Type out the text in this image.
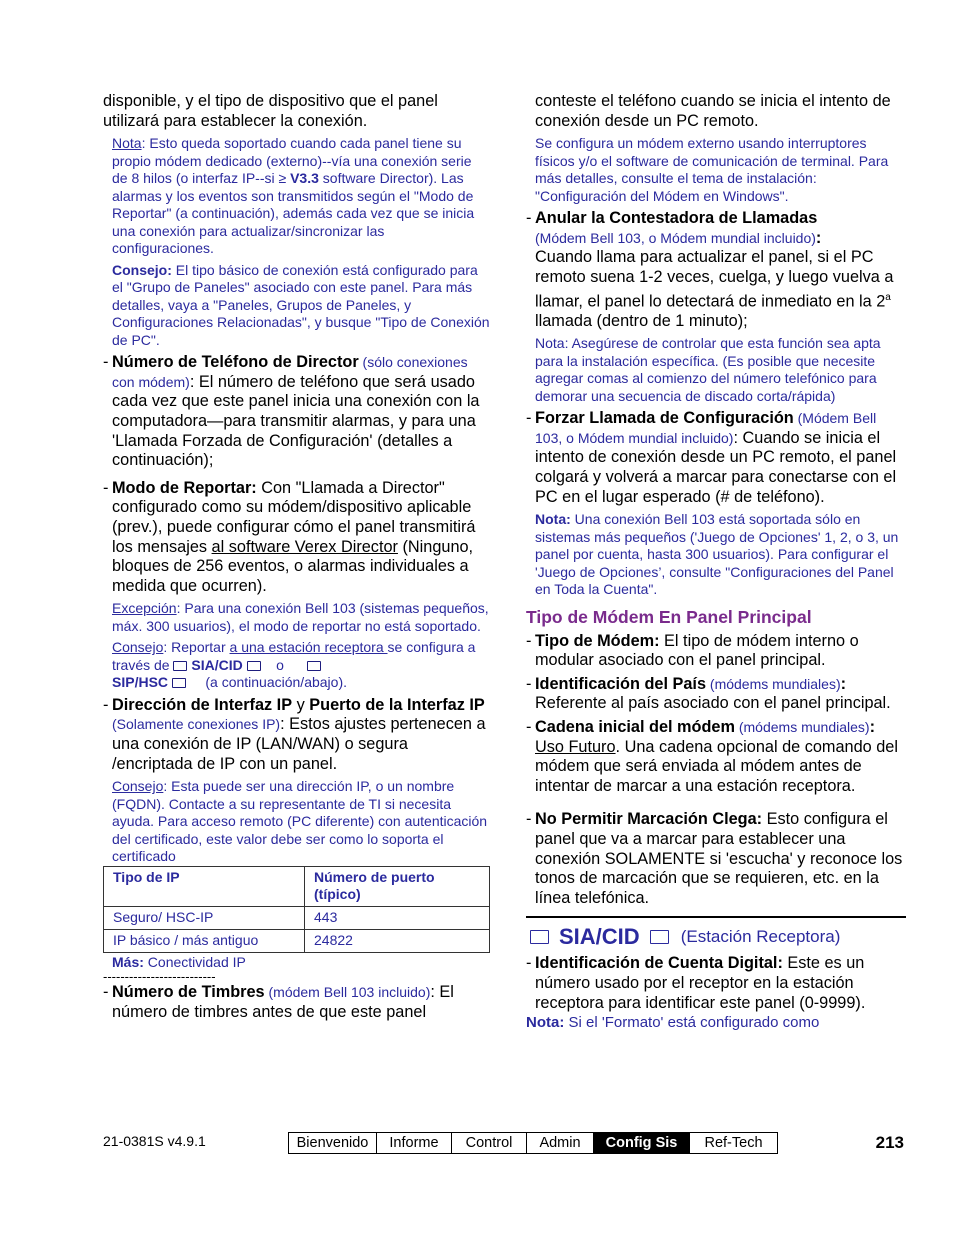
disponible, y el tipo de dispositivo que el panel utilizará para establecer la conexión.

Nota: Esto queda soportado cuando cada panel tiene su propio módem dedicado (externo)--vía una conexión serie de 8 hilos (o interfaz IP--si ≥ V3.3 software Director). Las alarmas y los eventos son transmitidos según el "Modo de Reportar" (a continuación), además cada vez que se inicia una conexión para actualizar/sincronizar las configuraciones.
Consejo: El tipo básico de conexión está configurado para el "Grupo de Paneles" asociado con este panel. Para más detalles, vaya a "Paneles, Grupos de Paneles, y Configuraciones Relacionadas", y busque "Tipo de Conexión de PC".
- Número de Teléfono de Director (sólo conexiones con módem): El número de teléfono que será usado cada vez que este panel inicia una conexión con la computadora—para transmitir alarmas, y para una 'Llamada Forzada de Configuración' (detalles a continuación);
- Modo de Reportar: Con "Llamada a Director" configurado como su módem/dispositivo aplicable (prev.), puede configurar cómo el panel transmitirá los mensajes al software Verex Director (Ninguno, bloques de 256 eventos, o alarmas individuales a medida que ocurren).
Excepción: Para una conexión Bell 103 (sistemas pequeños, máx. 300 usuarios), el modo de reportar no está soportado.
Consejo: Reportar a una estación receptora se configura a través de  SIA/CID o
SIP/HSC	(a continuación/abajo).
- Dirección de Interfaz IP y Puerto de la Interfaz IP (Solamente conexiones IP): Estos ajustes pertenecen a una conexión de IP (LAN/WAN) o segura /encriptada de IP con un panel.
Consejo: Esta puede ser una dirección IP, o un nombre (FQDN). Contacte a su representante de TI si necesita ayuda. Para acceso remoto (PC diferente) con autenticación del certificado, este valor debe ser como lo soporta el certificado
Tipo de IP	Número de puerto (típico)
Seguro/ HSC-IP	443
IP básico / más antiguo	24822
Más: Conectividad IP
--------------------------
- Número de Timbres (módem Bell 103 incluido): El número de timbres antes de que este panel

conteste el teléfono cuando se inicia el intento de conexión desde un PC remoto.

Se configura un módem externo usando interruptores físicos y/o el software de comunicación de terminal. Para más detalles, consulte el tema de instalación: "Configuración del Módem en Windows".
- Anular la Contestadora de Llamadas
(Módem Bell 103, o Módem mundial incluido):
Cuando llama para actualizar el panel, si el PC remoto suena 1-2 veces, cuelga, y luego vuelva a llamar, el panel lo detectará de inmediato en la 2$^a$ llamada (dentro de 1 minuto);
Nota: Asegúrese de controlar que esta función sea apta para la instalación específica. (Es posible que necesite agregar comas al comienzo del número telefónico para demorar una secuencia de discado corta/rápida)
- Forzar Llamada de Configuración (Módem Bell 103, o Módem mundial incluido): Cuando se inicia el intento de conexión desde un PC remoto, el panel colgará y volverá a marcar para conectarse con el PC en el lugar esperado (# de teléfono).
Nota: Una conexión Bell 103 está soportada sólo en sistemas más pequeños ('Juego de Opciones' 1, 2, o 3, un panel por cuenta, hasta 300 usuarios). Para configurar el 'Juego de Opciones’, consulte "Configuraciones del Panel en Toda la Cuenta".
Tipo de Módem En Panel Principal
- Tipo de Módem: El tipo de módem interno o modular asociado con el panel principal.
- Identificación del País (módems mundiales): Referente al país asociado con el panel principal.
- Cadena inicial del módem (módems mundiales): Uso Futuro. Una cadena opcional de comando del módem que será enviada al módem antes de intentar de marcar a una estación receptora.
- No Permitir Marcación Clega: Esto configura el panel que va a marcar para establecer una conexión SOLAMENTE si 'escucha' y reconoce los tonos de marcación que se requieren, etc. en la línea telefónica.
SIA/CID (Estación Receptora)
- Identificación de Cuenta Digital: Este es un número usado por el receptor en la estación receptora para identificar este panel (0-9999).
Nota: Si el 'Formato' está configurado como
21-0381S v4.9.1	Bienvenido	Informe	Control	Admin	Config Sis	Ref-Tech	213
